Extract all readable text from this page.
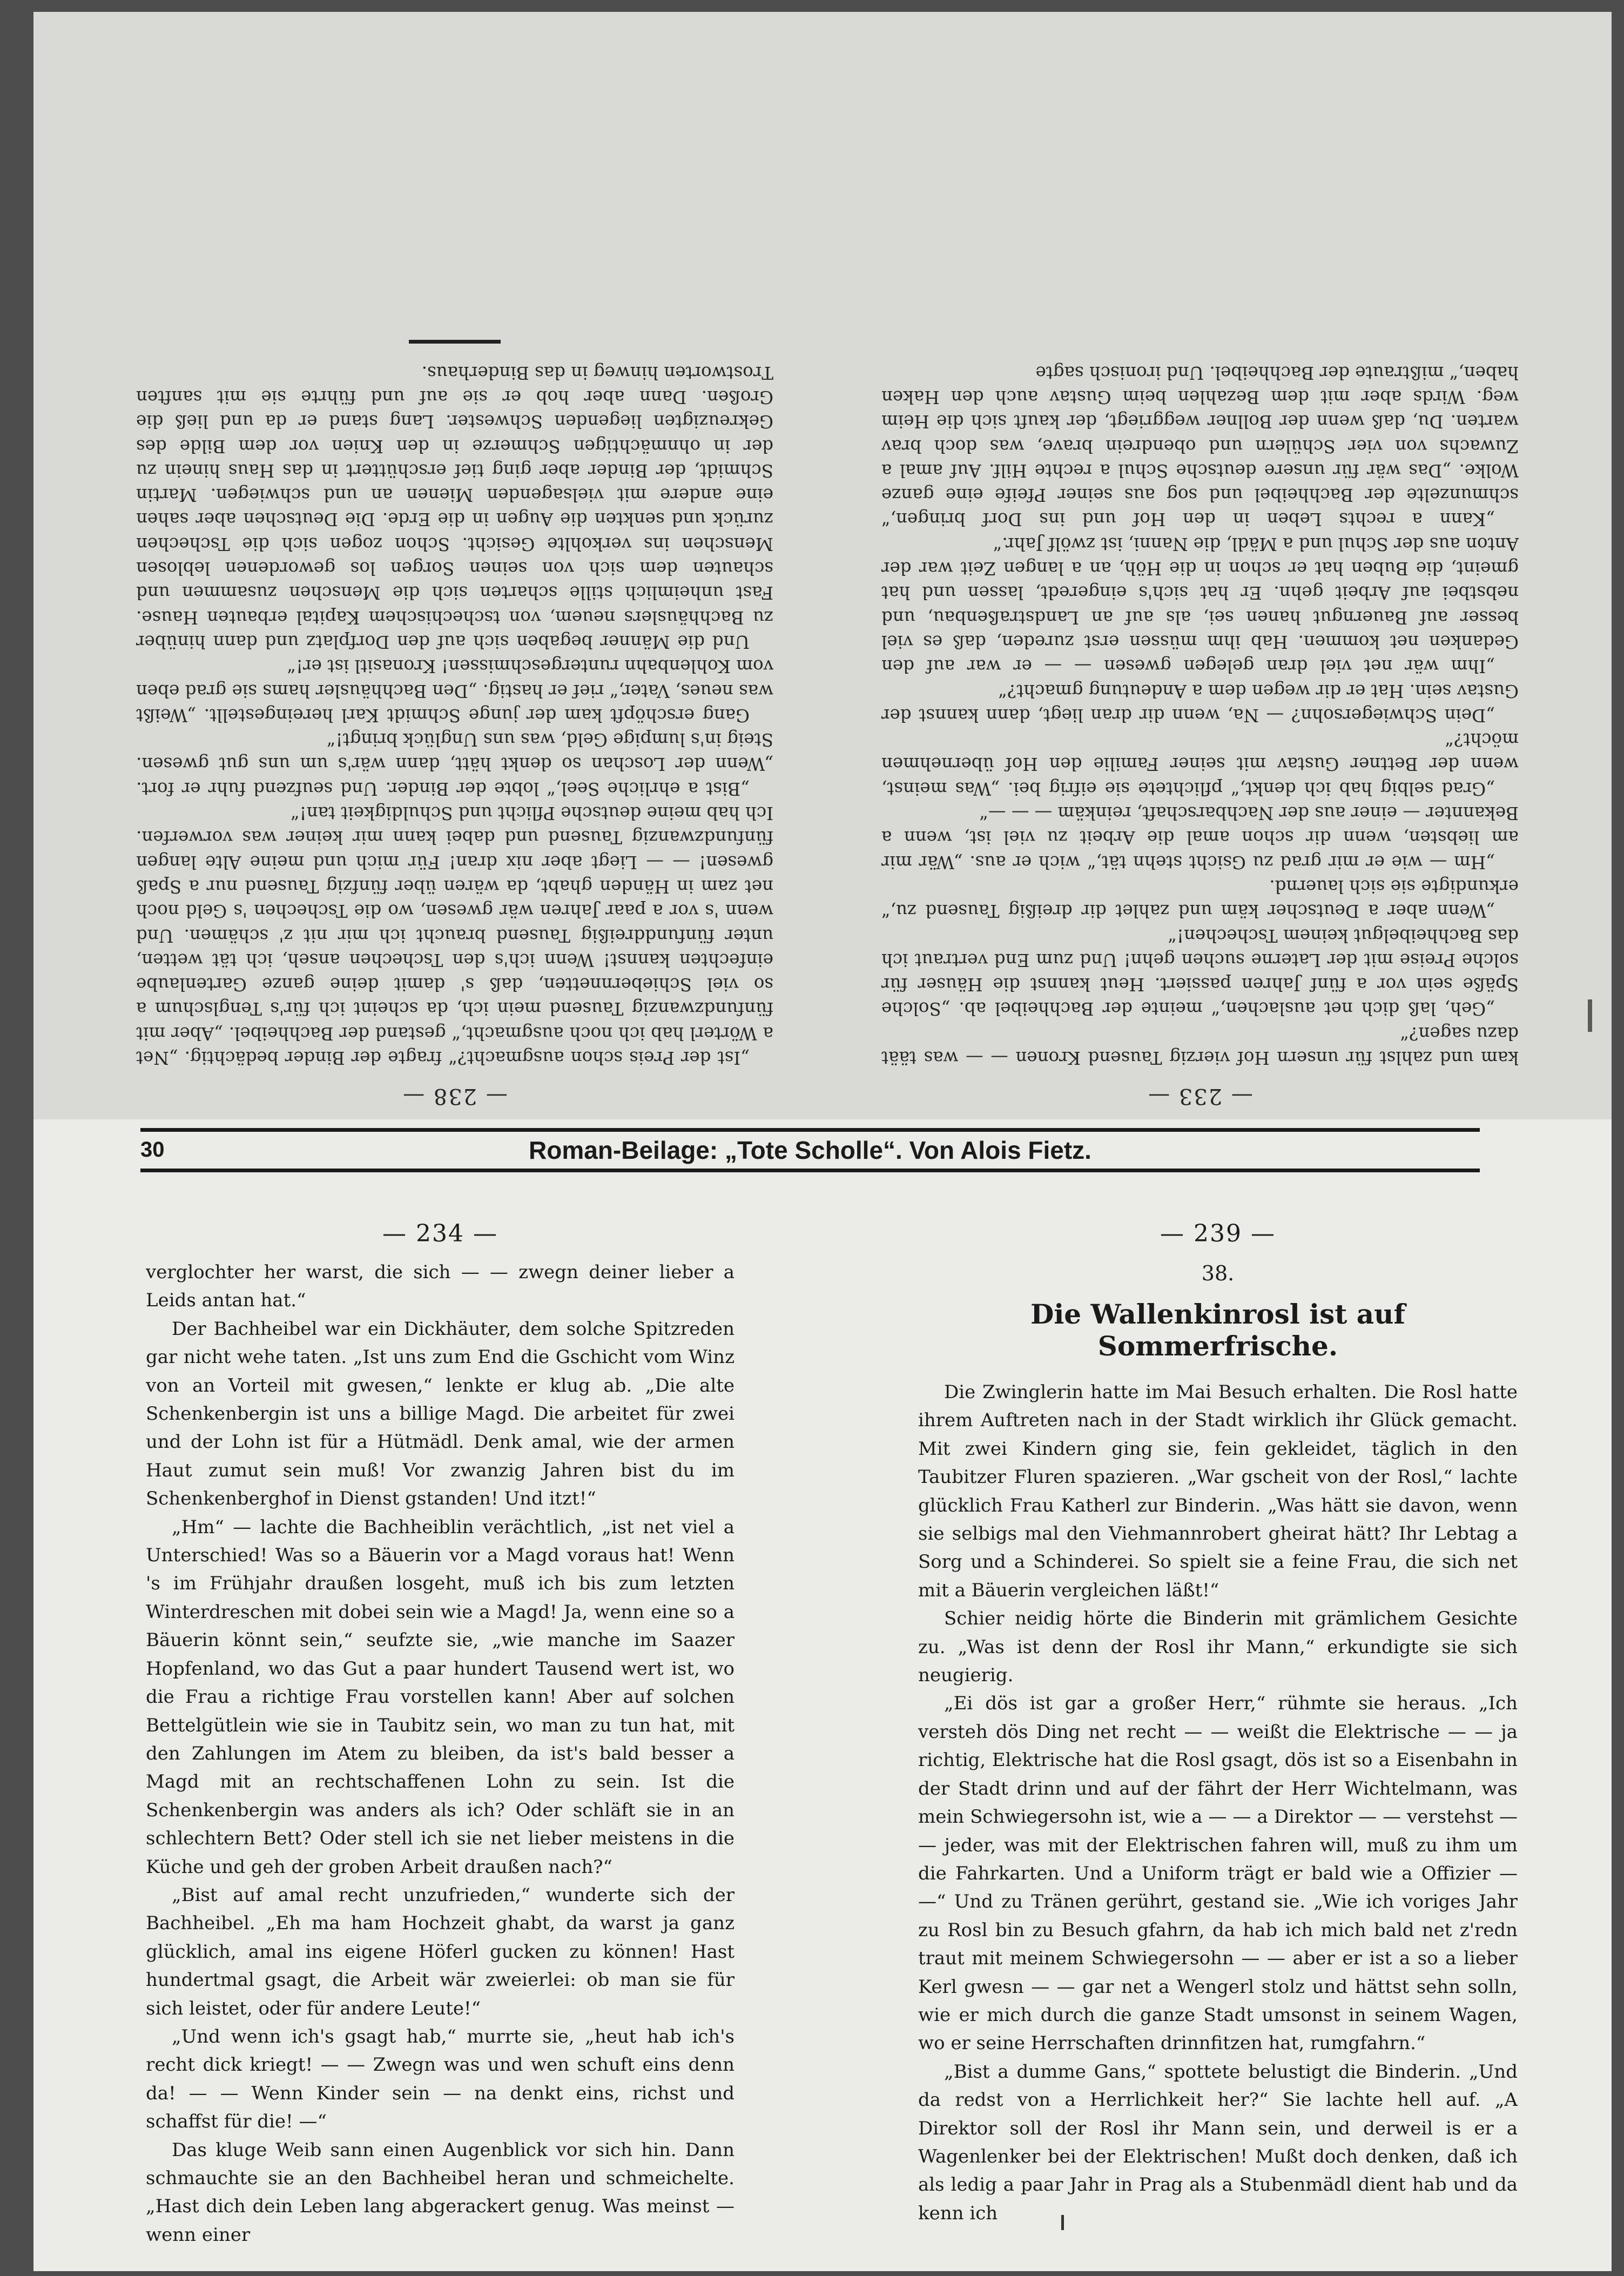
— 233 —

kam und zahlst für unsern Hof vierzig Tausend Kronen — — was täät dazu sagen?“

„Geh, laß dich net auslachen,“ meinte der Bachheibel ab. „Solche Späße sein vor a fünf Jahren passiert. Heut kannst die Häuser für solche Preise mit der Laterne suchen gehn! Und zum End vertraut ich das Bachheibelgut keinem Tschechen!“

„Wenn aber a Deutscher käm und zahlet dir dreißig Tausend zu,“ erkundigte sie sich lauernd.

„Hm — wie er mir grad zu Gsicht stehn tät,“ wich er aus. „Wär mir am liebsten, wenn dir schon amal die Arbeit zu viel ist, wenn a Bekannter — einer aus der Nachbarschaft, reinkäm — — —“

„Grad selbig hab ich denkt,“ pflichtete sie eifrig bei. „Was meinst, wenn der Bettner Gustav mit seiner Familie den Hof übernehmen möcht?“

„Dein Schwiegersohn? — Na, wenn dir dran liegt, dann kannst der Gustav sein. Hat er dir wegen dem a Andeutung gmacht?“

„Ihm wär net viel dran gelegen gwesen — — er war auf den Gedanken net kommen. Hab ihm müssen erst zureden, daß es viel besser auf Bauerngut hanen sei, als auf an Landstraßenbau, und nebstbei auf Arbeit gehn. Er hat sich's eingeredt, lassen und hat gmeint, die Buben hat er schon in die Höh, an a langen Zeit war der Anton aus der Schul und a Mädl, die Nanni, ist zwölf Jahr.“

„Kann a rechts Leben in den Hof und ins Dorf bringen,“ schmunzelte der Bachheibel und sog aus seiner Pfeife eine ganze Wolke. „Das wär für unsere deutsche Schul a rechte Hilf. Auf amal a Zuwachs von vier Schülern und obendrein brave, was doch brav warten. Du, daß wenn der Bollner weggriegt, der kauft sich die Heim weg. Wirds aber mit dem Bezahlen beim Gustav auch den Haken haben,“ mißtraute der Bachheibel. Und ironisch sagte

— 238 —

„Ist der Preis schon ausgmacht?“ fragte der Binder bedächtig. „Net a Wörterl hab ich noch ausgmacht,“ gestand der Bachheibel. „Aber mit fünfundzwanzig Tausend mein ich, da scheint ich für's Tenglschum a so viel Schiebernnetten, daß s' damit deine ganze Gartenlaube einfechten kannst! Wenn ich's den Tschechen anseh, ich tät wetten, unter fünfunddreißig Tausend braucht ich mir nit z' schämen. Und wenn 's vor a paar Jahren wär gwesen, wo die Tschechen 's Geld noch net zam in Händen ghabt, da wären über fünfzig Tausend nur a Spaß gwesen! — — Liegt aber nix dran! Für mich und meine Alte langen fünfundzwanzig Tausend und dabei kann mir keiner was vorwerfen. Ich hab meine deutsche Pflicht und Schuldigkeit tan!“

„Bist a ehrliche Seel,“ lobte der Binder. Und seufzend fuhr er fort. „Wenn der Loschan so denkt hätt, dann wär's um uns gut gwesen. Steig in's lumpige Geld, was uns Unglück bringt!“

Gang erschöpft kam der junge Schmidt Karl hereingestellt. „Weißt was neues, Vater,“ rief er hastig. „Den Bachhäusler hams sie grad eben vom Kohlenbahn runtergeschmissen! Kronasitl ist er!“

Und die Männer begaben sich auf den Dorfplatz und dann hinüber zu Bachhäuslers neuem, von tschechischem Kapital erbauten Hause. Fast unheimlich stille scharten sich die Menschen zusammen und schauten dem sich von seinen Sorgen los gewordenen leblosen Menschen ins verkohlte Gesicht. Schon zogen sich die Tschechen zurück und senkten die Augen in die Erde. Die Deutschen aber sahen eine andere mit vielsagenden Mienen an und schwiegen. Martin Schmidt, der Binder aber ging tief erschüttert in das Haus hinein zu der in ohnmächtigen Schmerze in den Knien vor dem Bilde des Gekreuzigten liegenden Schwester. Lang stand er da und ließ die Großen. Dann aber hob er sie auf und führte sie mit sanften Trostworten hinweg in das Binderhaus.

30	Roman-Beilage: „Tote Scholle“. Von Alois Fietz.
— 234 —

verglochter her warst, die sich — — zwegn deiner lieber a Leids antan hat.“

Der Bachheibel war ein Dickhäuter, dem solche Spitzreden gar nicht wehe taten. „Ist uns zum End die Gschicht vom Winz von an Vorteil mit gwesen,“ lenkte er klug ab. „Die alte Schenkenbergin ist uns a billige Magd. Die arbeitet für zwei und der Lohn ist für a Hütmädl. Denk amal, wie der armen Haut zumut sein muß! Vor zwanzig Jahren bist du im Schenkenberghof in Dienst gstanden! Und itzt!“

„Hm“ — lachte die Bachheiblin verächtlich, „ist net viel a Unterschied! Was so a Bäuerin vor a Magd voraus hat! Wenn 's im Frühjahr draußen losgeht, muß ich bis zum letzten Winterdreschen mit dobei sein wie a Magd! Ja, wenn eine so a Bäuerin könnt sein,“ seufzte sie, „wie manche im Saazer Hopfenland, wo das Gut a paar hundert Tausend wert ist, wo die Frau a richtige Frau vorstellen kann! Aber auf solchen Bettelgütlein wie sie in Taubitz sein, wo man zu tun hat, mit den Zahlungen im Atem zu bleiben, da ist's bald besser a Magd mit an rechtschaffenen Lohn zu sein. Ist die Schenkenbergin was anders als ich? Oder schläft sie in an schlechtern Bett? Oder stell ich sie net lieber meistens in die Küche und geh der groben Arbeit draußen nach?“

„Bist auf amal recht unzufrieden,“ wunderte sich der Bachheibel. „Eh ma ham Hochzeit ghabt, da warst ja ganz glücklich, amal ins eigene Höferl gucken zu können! Hast hundertmal gsagt, die Arbeit wär zweierlei: ob man sie für sich leistet, oder für andere Leute!“

„Und wenn ich's gsagt hab,“ murrte sie, „heut hab ich's recht dick kriegt! — — Zwegn was und wen schuft eins denn da! — — Wenn Kinder sein — na denkt eins, richst und schaffst für die! —“

Das kluge Weib sann einen Augenblick vor sich hin. Dann schmauchte sie an den Bachheibel heran und schmeichelte. „Hast dich dein Leben lang abgerackert genug. Was meinst — wenn einer

— 239 —
38.
Die Wallenkinrosl ist auf Sommerfrische.

Die Zwinglerin hatte im Mai Besuch erhalten. Die Rosl hatte ihrem Auftreten nach in der Stadt wirklich ihr Glück gemacht. Mit zwei Kindern ging sie, fein gekleidet, täglich in den Taubitzer Fluren spazieren. „War gscheit von der Rosl,“ lachte glücklich Frau Katherl zur Binderin. „Was hätt sie davon, wenn sie selbigs mal den Viehmannrobert gheirat hätt? Ihr Lebtag a Sorg und a Schinderei. So spielt sie a feine Frau, die sich net mit a Bäuerin vergleichen läßt!“

Schier neidig hörte die Binderin mit grämlichem Gesichte zu. „Was ist denn der Rosl ihr Mann,“ erkundigte sie sich neugierig.

„Ei dös ist gar a großer Herr,“ rühmte sie heraus. „Ich versteh dös Ding net recht — — weißt die Elektrische — — ja richtig, Elektrische hat die Rosl gsagt, dös ist so a Eisenbahn in der Stadt drinn und auf der fährt der Herr Wichtelmann, was mein Schwiegersohn ist, wie a — — a Direktor — — verstehst — — jeder, was mit der Elektrischen fahren will, muß zu ihm um die Fahrkarten. Und a Uniform trägt er bald wie a Offizier — —“ Und zu Tränen gerührt, gestand sie. „Wie ich voriges Jahr zu Rosl bin zu Besuch gfahrn, da hab ich mich bald net z'redn traut mit meinem Schwiegersohn — — aber er ist a so a lieber Kerl gwesn — — gar net a Wengerl stolz und hättst sehn solln, wie er mich durch die ganze Stadt umsonst in seinem Wagen, wo er seine Herrschaften drinnfitzen hat, rumgfahrn.“

„Bist a dumme Gans,“ spottete belustigt die Binderin. „Und da redst von a Herrlichkeit her?“ Sie lachte hell auf. „A Direktor soll der Rosl ihr Mann sein, und derweil is er a Wagenlenker bei der Elektrischen! Mußt doch denken, daß ich als ledig a paar Jahr in Prag als a Stubenmädl dient hab und da kenn ich
